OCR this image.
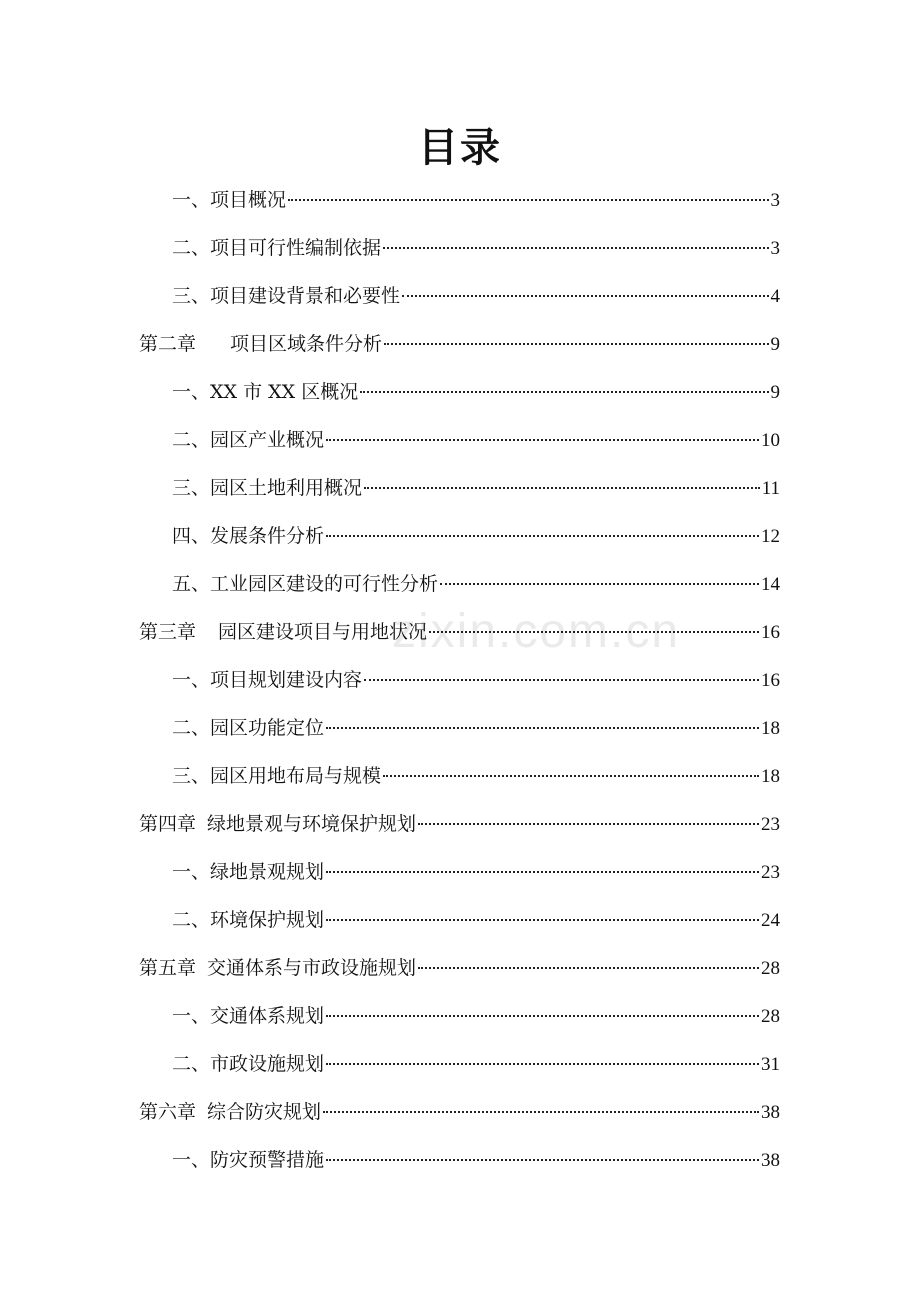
目录
一、项目概况	3
二、项目可行性编制依据	3
三、项目建设背景和必要性	4
第二章 项目区域条件分析	9
一、XX 市 XX 区概况	9
二、园区产业概况	10
三、园区土地利用概况	11
四、发展条件分析	12
五、工业园区建设的可行性分析	14
第三章 园区建设项目与用地状况	16
一、项目规划建设内容	16
二、园区功能定位	18
三、园区用地布局与规模	18
第四章 绿地景观与环境保护规划	23
一、绿地景观规划	23
二、环境保护规划	24
第五章 交通体系与市政设施规划	28
一、交通体系规划	28
二、市政设施规划	31
第六章 综合防灾规划	38
一、防灾预警措施	38
zixin.com.cn
